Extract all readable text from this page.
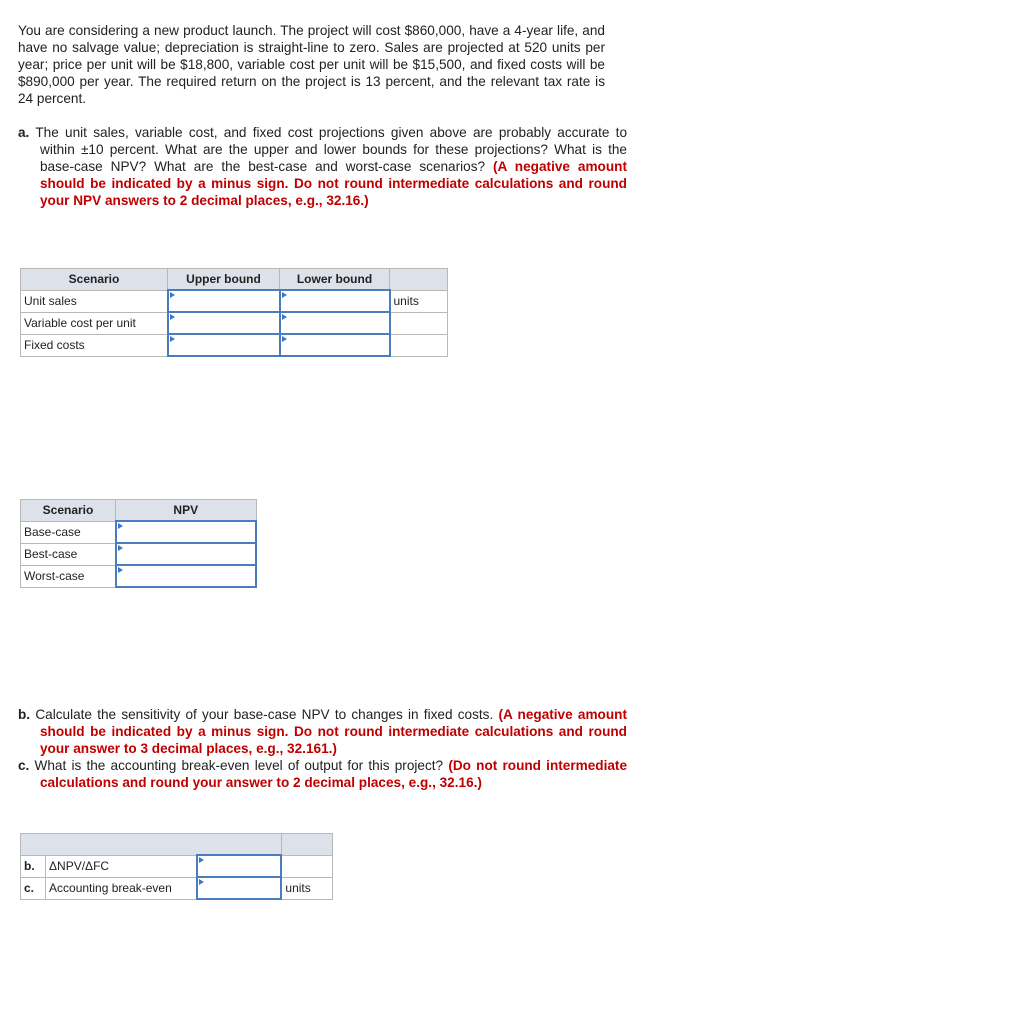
You are considering a new product launch. The project will cost $860,000, have a 4-year life, and have no salvage value; depreciation is straight-line to zero. Sales are projected at 520 units per year; price per unit will be $18,800, variable cost per unit will be $15,500, and fixed costs will be $890,000 per year. The required return on the project is 13 percent, and the relevant tax rate is 24 percent.
a. The unit sales, variable cost, and fixed cost projections given above are probably accurate to within ±10 percent. What are the upper and lower bounds for these projections? What is the base-case NPV? What are the best-case and worst-case scenarios? (A negative amount should be indicated by a minus sign. Do not round intermediate calculations and round your NPV answers to 2 decimal places, e.g., 32.16.)
Scenario	Upper bound	Lower bound	
Unit sales			units
Variable cost per unit			
Fixed costs			
Scenario	NPV
Base-case	
Best-case	
Worst-case	
b. Calculate the sensitivity of your base-case NPV to changes in fixed costs. (A negative amount should be indicated by a minus sign. Do not round intermediate calculations and round your answer to 3 decimal places, e.g., 32.161.)
c. What is the accounting break-even level of output for this project? (Do not round intermediate calculations and round your answer to 2 decimal places, e.g., 32.16.)

b.	ΔNPV/ΔFC		
c.	Accounting break-even		units
